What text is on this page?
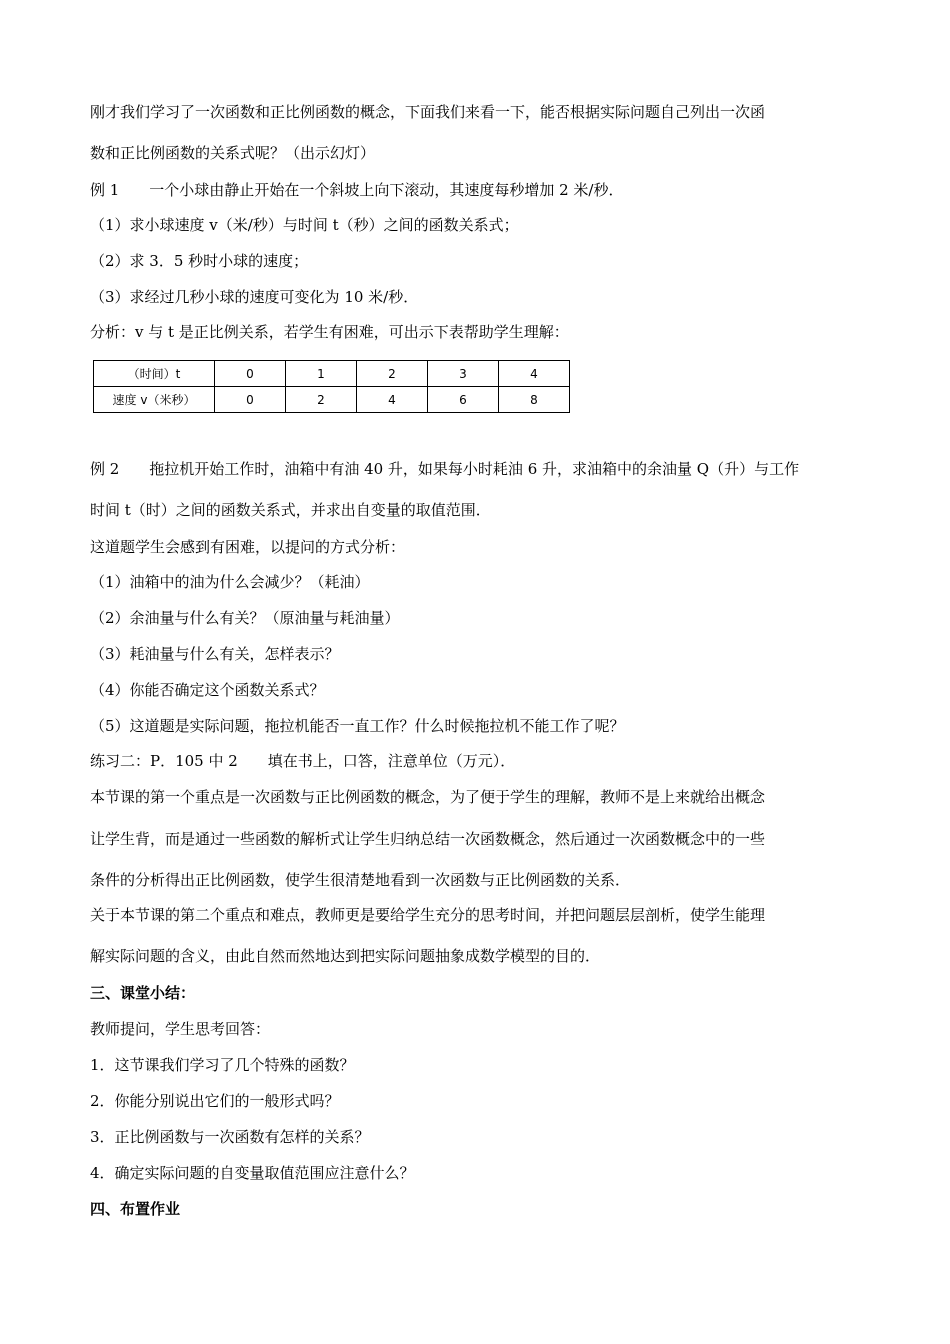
刚才我们学习了一次函数和正比例函数的概念，下面我们来看一下，能否根据实际问题自己列出一次函
数和正比例函数的关系式呢？（出示幻灯）
例 1　　一个小球由静止开始在一个斜坡上向下滚动，其速度每秒增加 2 米/秒．
（1）求小球速度 v（米/秒）与时间 t（秒）之间的函数关系式；
（2）求 3．5 秒时小球的速度；
（3）求经过几秒小球的速度可变化为 10 米/秒．
分析：v 与 t 是正比例关系，若学生有困难，可出示下表帮助学生理解：
（时间）t	0	1	2	3	4
速度 v（米秒）	0	2	4	6	8
例 2　　拖拉机开始工作时，油箱中有油 40 升，如果每小时耗油 6 升，求油箱中的余油量 Q（升）与工作
时间 t（时）之间的函数关系式，并求出自变量的取值范围．
这道题学生会感到有困难，以提问的方式分析：
（1）油箱中的油为什么会减少？（耗油）
（2）余油量与什么有关？（原油量与耗油量）
（3）耗油量与什么有关，怎样表示？
（4）你能否确定这个函数关系式？
（5）这道题是实际问题，拖拉机能否一直工作？什么时候拖拉机不能工作了呢？
练习二：P．105 中 2　　填在书上，口答，注意单位（万元）．
本节课的第一个重点是一次函数与正比例函数的概念，为了便于学生的理解，教师不是上来就给出概念
让学生背，而是通过一些函数的解析式让学生归纳总结一次函数概念，然后通过一次函数概念中的一些
条件的分析得出正比例函数，使学生很清楚地看到一次函数与正比例函数的关系．
关于本节课的第二个重点和难点，教师更是要给学生充分的思考时间，并把问题层层剖析，使学生能理
解实际问题的含义，由此自然而然地达到把实际问题抽象成数学模型的目的．
三、课堂小结：
教师提问，学生思考回答：
1．这节课我们学习了几个特殊的函数？
2．你能分别说出它们的一般形式吗？
3．正比例函数与一次函数有怎样的关系？
4．确定实际问题的自变量取值范围应注意什么？
四、布置作业
